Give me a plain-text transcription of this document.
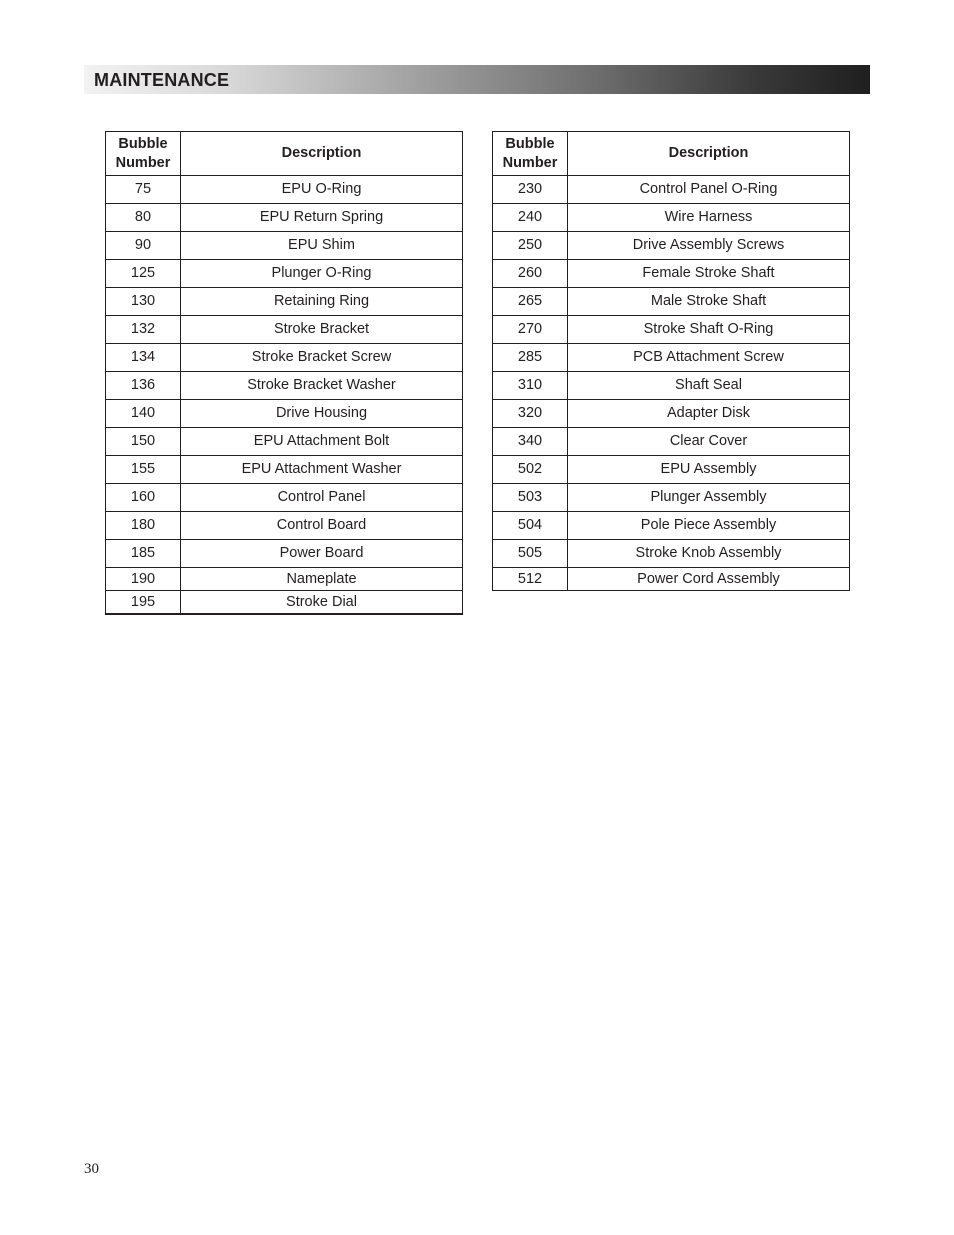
MAINTENANCE
Bubble
Number	Description
75	EPU O-Ring
80	EPU Return Spring
90	EPU Shim
125	Plunger O-Ring
130	Retaining Ring
132	Stroke Bracket
134	Stroke Bracket Screw
136	Stroke Bracket Washer
140	Drive Housing
150	EPU Attachment Bolt
155	EPU Attachment Washer
160	Control Panel
180	Control Board
185	Power Board
190	Nameplate
195	Stroke Dial
Bubble
Number	Description
230	Control Panel O-Ring
240	Wire Harness
250	Drive Assembly Screws
260	Female Stroke Shaft
265	Male Stroke Shaft
270	Stroke Shaft O-Ring
285	PCB Attachment Screw
310	Shaft Seal
320	Adapter Disk
340	Clear Cover
502	EPU Assembly
503	Plunger Assembly
504	Pole Piece Assembly
505	Stroke Knob Assembly
512	Power Cord Assembly
30
